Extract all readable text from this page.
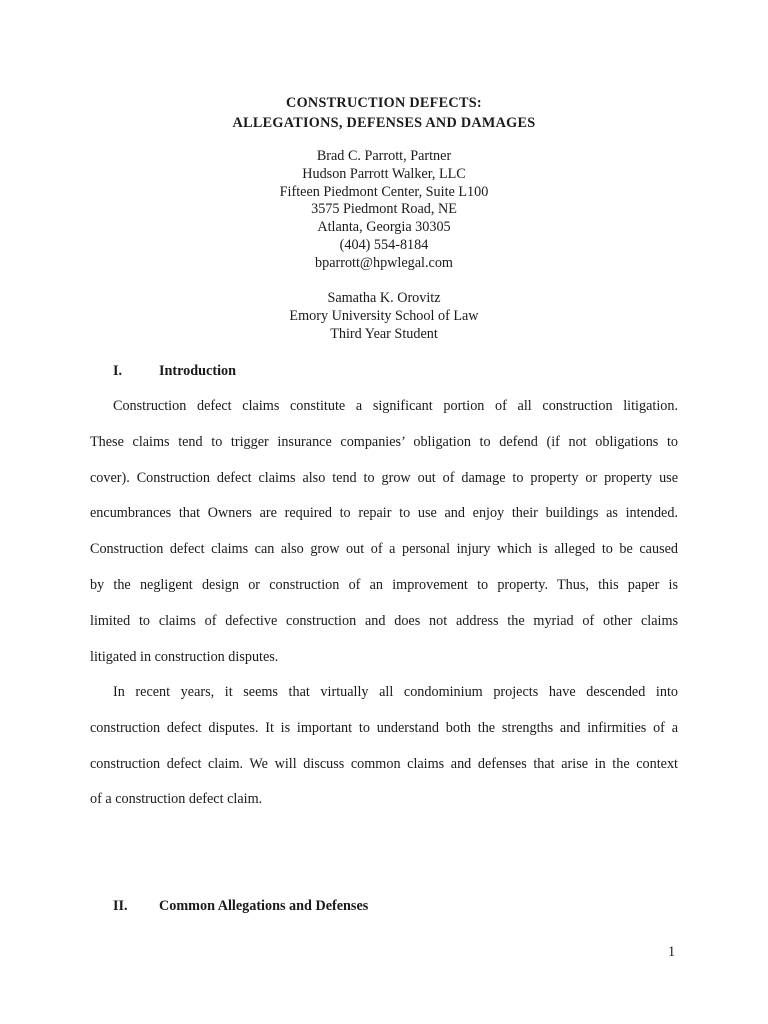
CONSTRUCTION DEFECTS:
ALLEGATIONS, DEFENSES AND DAMAGES
Brad C. Parrott, Partner
Hudson Parrott Walker, LLC
Fifteen Piedmont Center, Suite L100
3575 Piedmont Road, NE
Atlanta, Georgia 30305
(404) 554-8184
bparrott@hpwlegal.com
Samatha K. Orovitz
Emory University School of Law
Third Year Student
I.	Introduction
Construction defect claims constitute a significant portion of all construction litigation.
These claims tend to trigger insurance companies’ obligation to defend (if not obligations to
cover). Construction defect claims also tend to grow out of damage to property or property use
encumbrances that Owners are required to repair to use and enjoy their buildings as intended.
Construction defect claims can also grow out of a personal injury which is alleged to be caused
by the negligent design or construction of an improvement to property. Thus, this paper is
limited to claims of defective construction and does not address the myriad of other claims
litigated in construction disputes.
In recent years, it seems that virtually all condominium projects have descended into
construction defect disputes. It is important to understand both the strengths and infirmities of a
construction defect claim. We will discuss common claims and defenses that arise in the context
of a construction defect claim.
II. Common Allegations and Defenses
1
